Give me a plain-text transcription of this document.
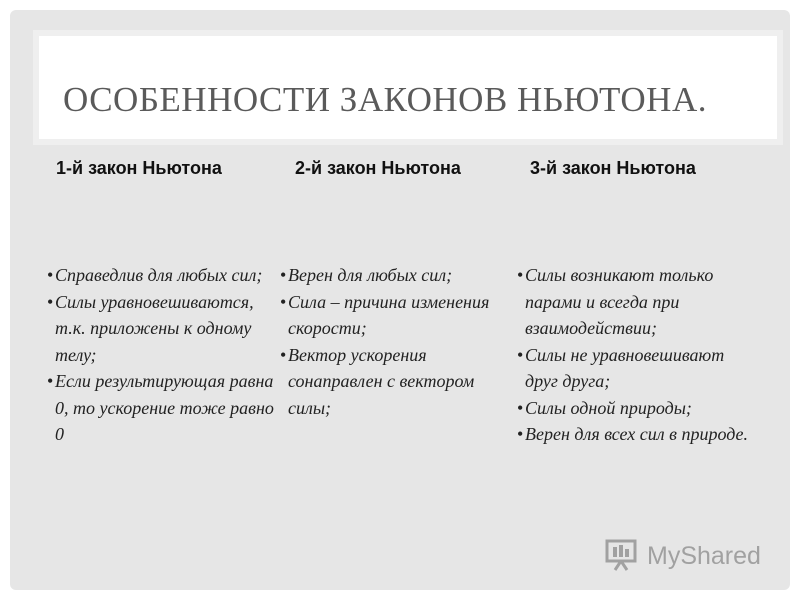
ОСОБЕННОСТИ ЗАКОНОВ НЬЮТОНА.
1-й закон Ньютона	2-й закон Ньютона	3-й закон Ньютона
• Справедлив для любых сил;
• Силы уравновешиваются, т.к. приложены к одному телу;
• Если результирующая равна 0, то ускорение тоже равно 0
• Верен для любых сил;
• Сила – причина изменения скорости;
• Вектор ускорения сонаправлен с вектором силы;
• Силы возникают только парами и всегда при взаимодействии;
• Силы не уравновешивают друг друга;
• Силы одной природы;
• Верен для всех сил в природе.
MyShared
